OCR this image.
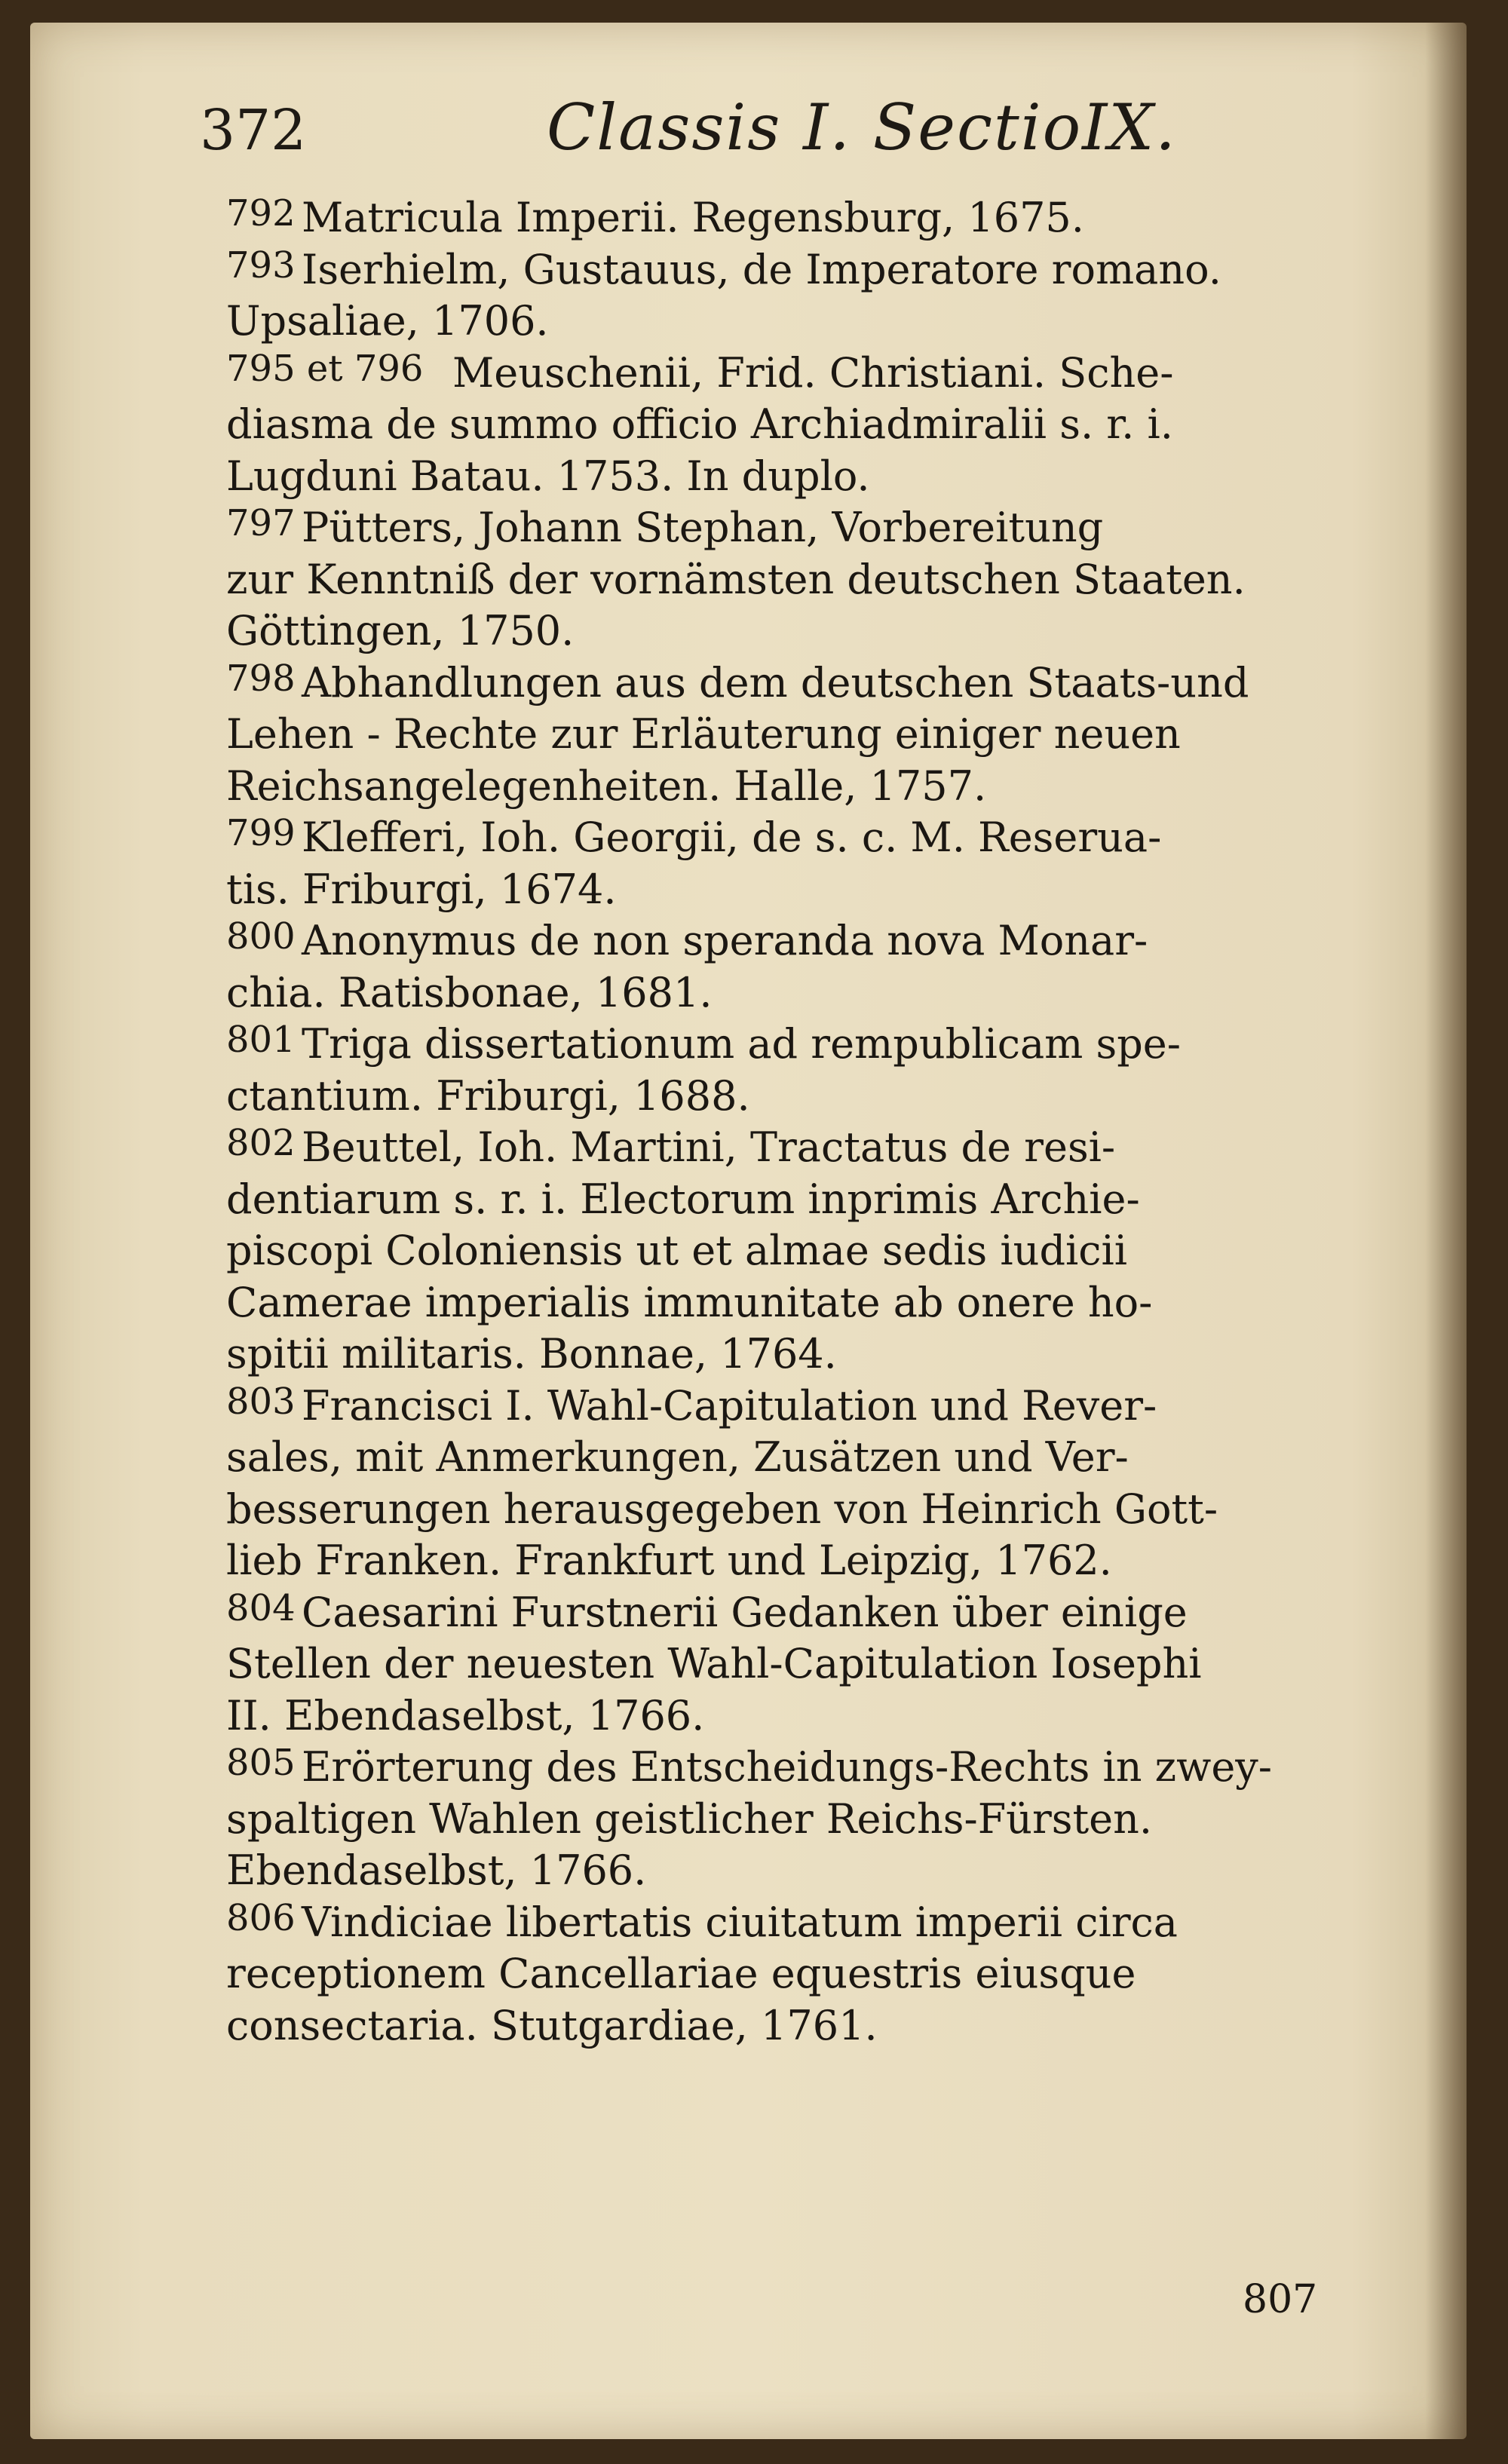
372	Classis I. SectioIX.
792 Matricula Imperii. Regensburg, 1675.
793 Iserhielm, Gustauus, de Imperatore romano.
Upsaliae, 1706.
795 et 796 Meuschenii, Frid. Christiani. Sche-
diasma de summo officio Archiadmiralii s. r. i.
Lugduni Batau. 1753. In duplo.
797 Pütters, Johann Stephan, Vorbereitung
zur Kenntniß der vornämsten deutschen Staaten.
Göttingen, 1750.
798 Abhandlungen aus dem deutschen Staats-und
Lehen - Rechte zur Erläuterung einiger neuen
Reichsangelegenheiten. Halle, 1757.
799 Klefferi, Ioh. Georgii, de s. c. M. Reserua-
tis. Friburgi, 1674.
800 Anonymus de non speranda nova Monar-
chia. Ratisbonae, 1681.
801 Triga dissertationum ad rempublicam spe-
ctantium. Friburgi, 1688.
802 Beuttel, Ioh. Martini, Tractatus de resi-
dentiarum s. r. i. Electorum inprimis Archie-
piscopi Coloniensis ut et almae sedis iudicii
Camerae imperialis immunitate ab onere ho-
spitii militaris. Bonnae, 1764.
803 Francisci I. Wahl-Capitulation und Rever-
sales, mit Anmerkungen, Zusätzen und Ver-
besserungen herausgegeben von Heinrich Gott-
lieb Franken. Frankfurt und Leipzig, 1762.
804 Caesarini Furstnerii Gedanken über einige
Stellen der neuesten Wahl-Capitulation Iosephi
II. Ebendaselbst, 1766.
805 Erörterung des Entscheidungs-Rechts in zwey-
spaltigen Wahlen geistlicher Reichs-Fürsten.
Ebendaselbst, 1766.
806 Vindiciae libertatis ciuitatum imperii circa
receptionem Cancellariae equestris eiusque
consectaria. Stutgardiae, 1761.
807
